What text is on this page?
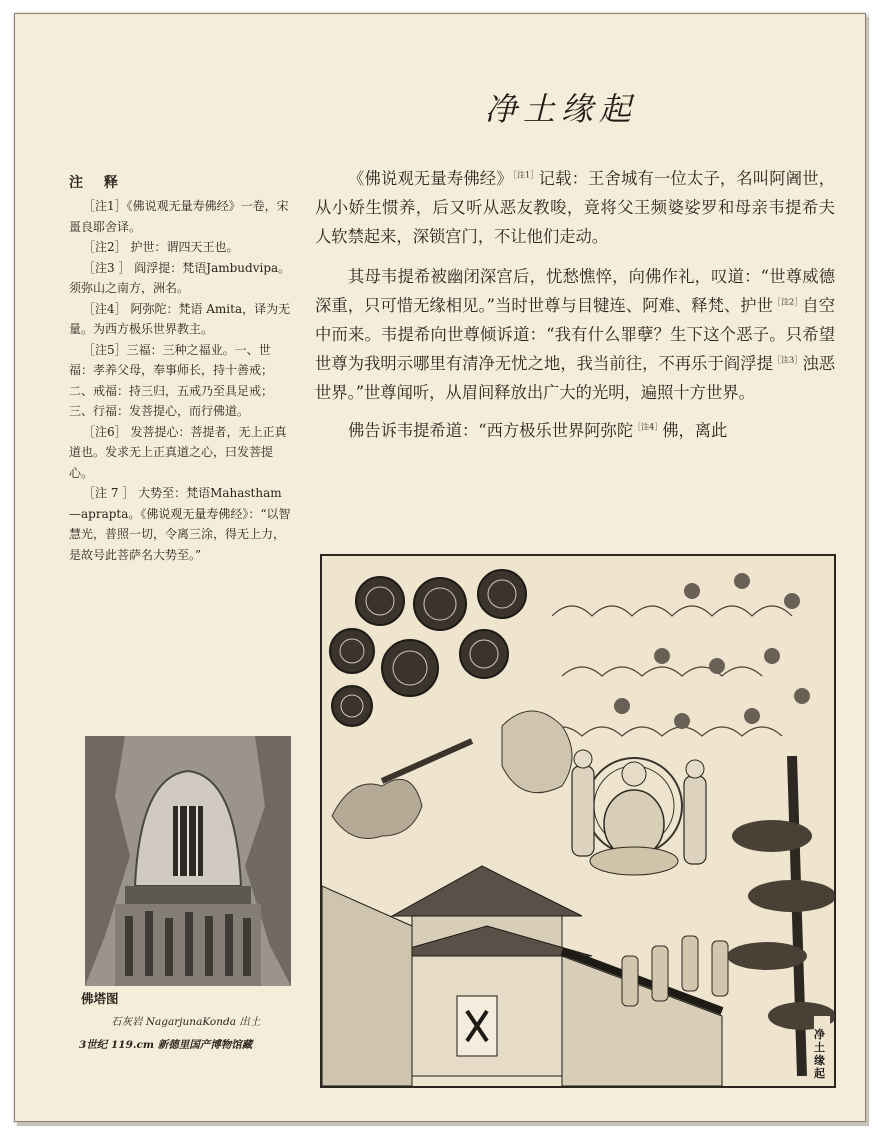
净土缘起
注 释

［注1］《佛说观无量寿佛经》一卷，宋畺良耶舍译。

［注2］ 护世：谓四天王也。

［注3 ］ 阎浮提：梵语Jambudvipa。须弥山之南方，洲名。

［注4］ 阿弥陀：梵语 Amita，译为无量。为西方极乐世界教主。

［注5］三福：三种之福业。一、世福：孝养父母，奉事师长，持十善戒；二、戒福：持三归，五戒乃至具足戒；三、行福：发菩提心，而行佛道。

［注6］ 发菩提心：菩提者，无上正真道也。发求无上正真道之心，曰发菩提心。

［注 7 ］ 大势至：梵语Mahastham—aprapta。《佛说观无量寿佛经》：“以智慧光，普照一切，令离三涂，得无上力，是故号此菩萨名大势至。”

佛塔图
石灰岩 NagarjunaKonda 出土
3世纪 119.cm 新德里国产博物馆藏

《佛说观无量寿佛经》$^{[注1]}$记载：王舍城有一位太子，名叫阿阇世，从小娇生惯养，后又听从恶友教唆，竟将父王频婆娑罗和母亲韦提希夫人软禁起来，深锁宫门，不让他们走动。

其母韦提希被幽闭深宫后，忧愁憔悴，向佛作礼，叹道：“世尊威德深重，只可惜无缘相见。”当时世尊与目犍连、阿难、释梵、护世$^{[注2]}$自空中而来。韦提希向世尊倾诉道：“我有什么罪孽？生下这个恶子。只希望世尊为我明示哪里有清净无忧之地，我当前往，不再乐于阎浮提$^{[注3]}$浊恶世界。”世尊闻听，从眉间释放出广大的光明，遍照十方世界。

佛告诉韦提希道：“西方极乐世界阿弥陀$^{[注4]}$佛，离此

净土缘起
